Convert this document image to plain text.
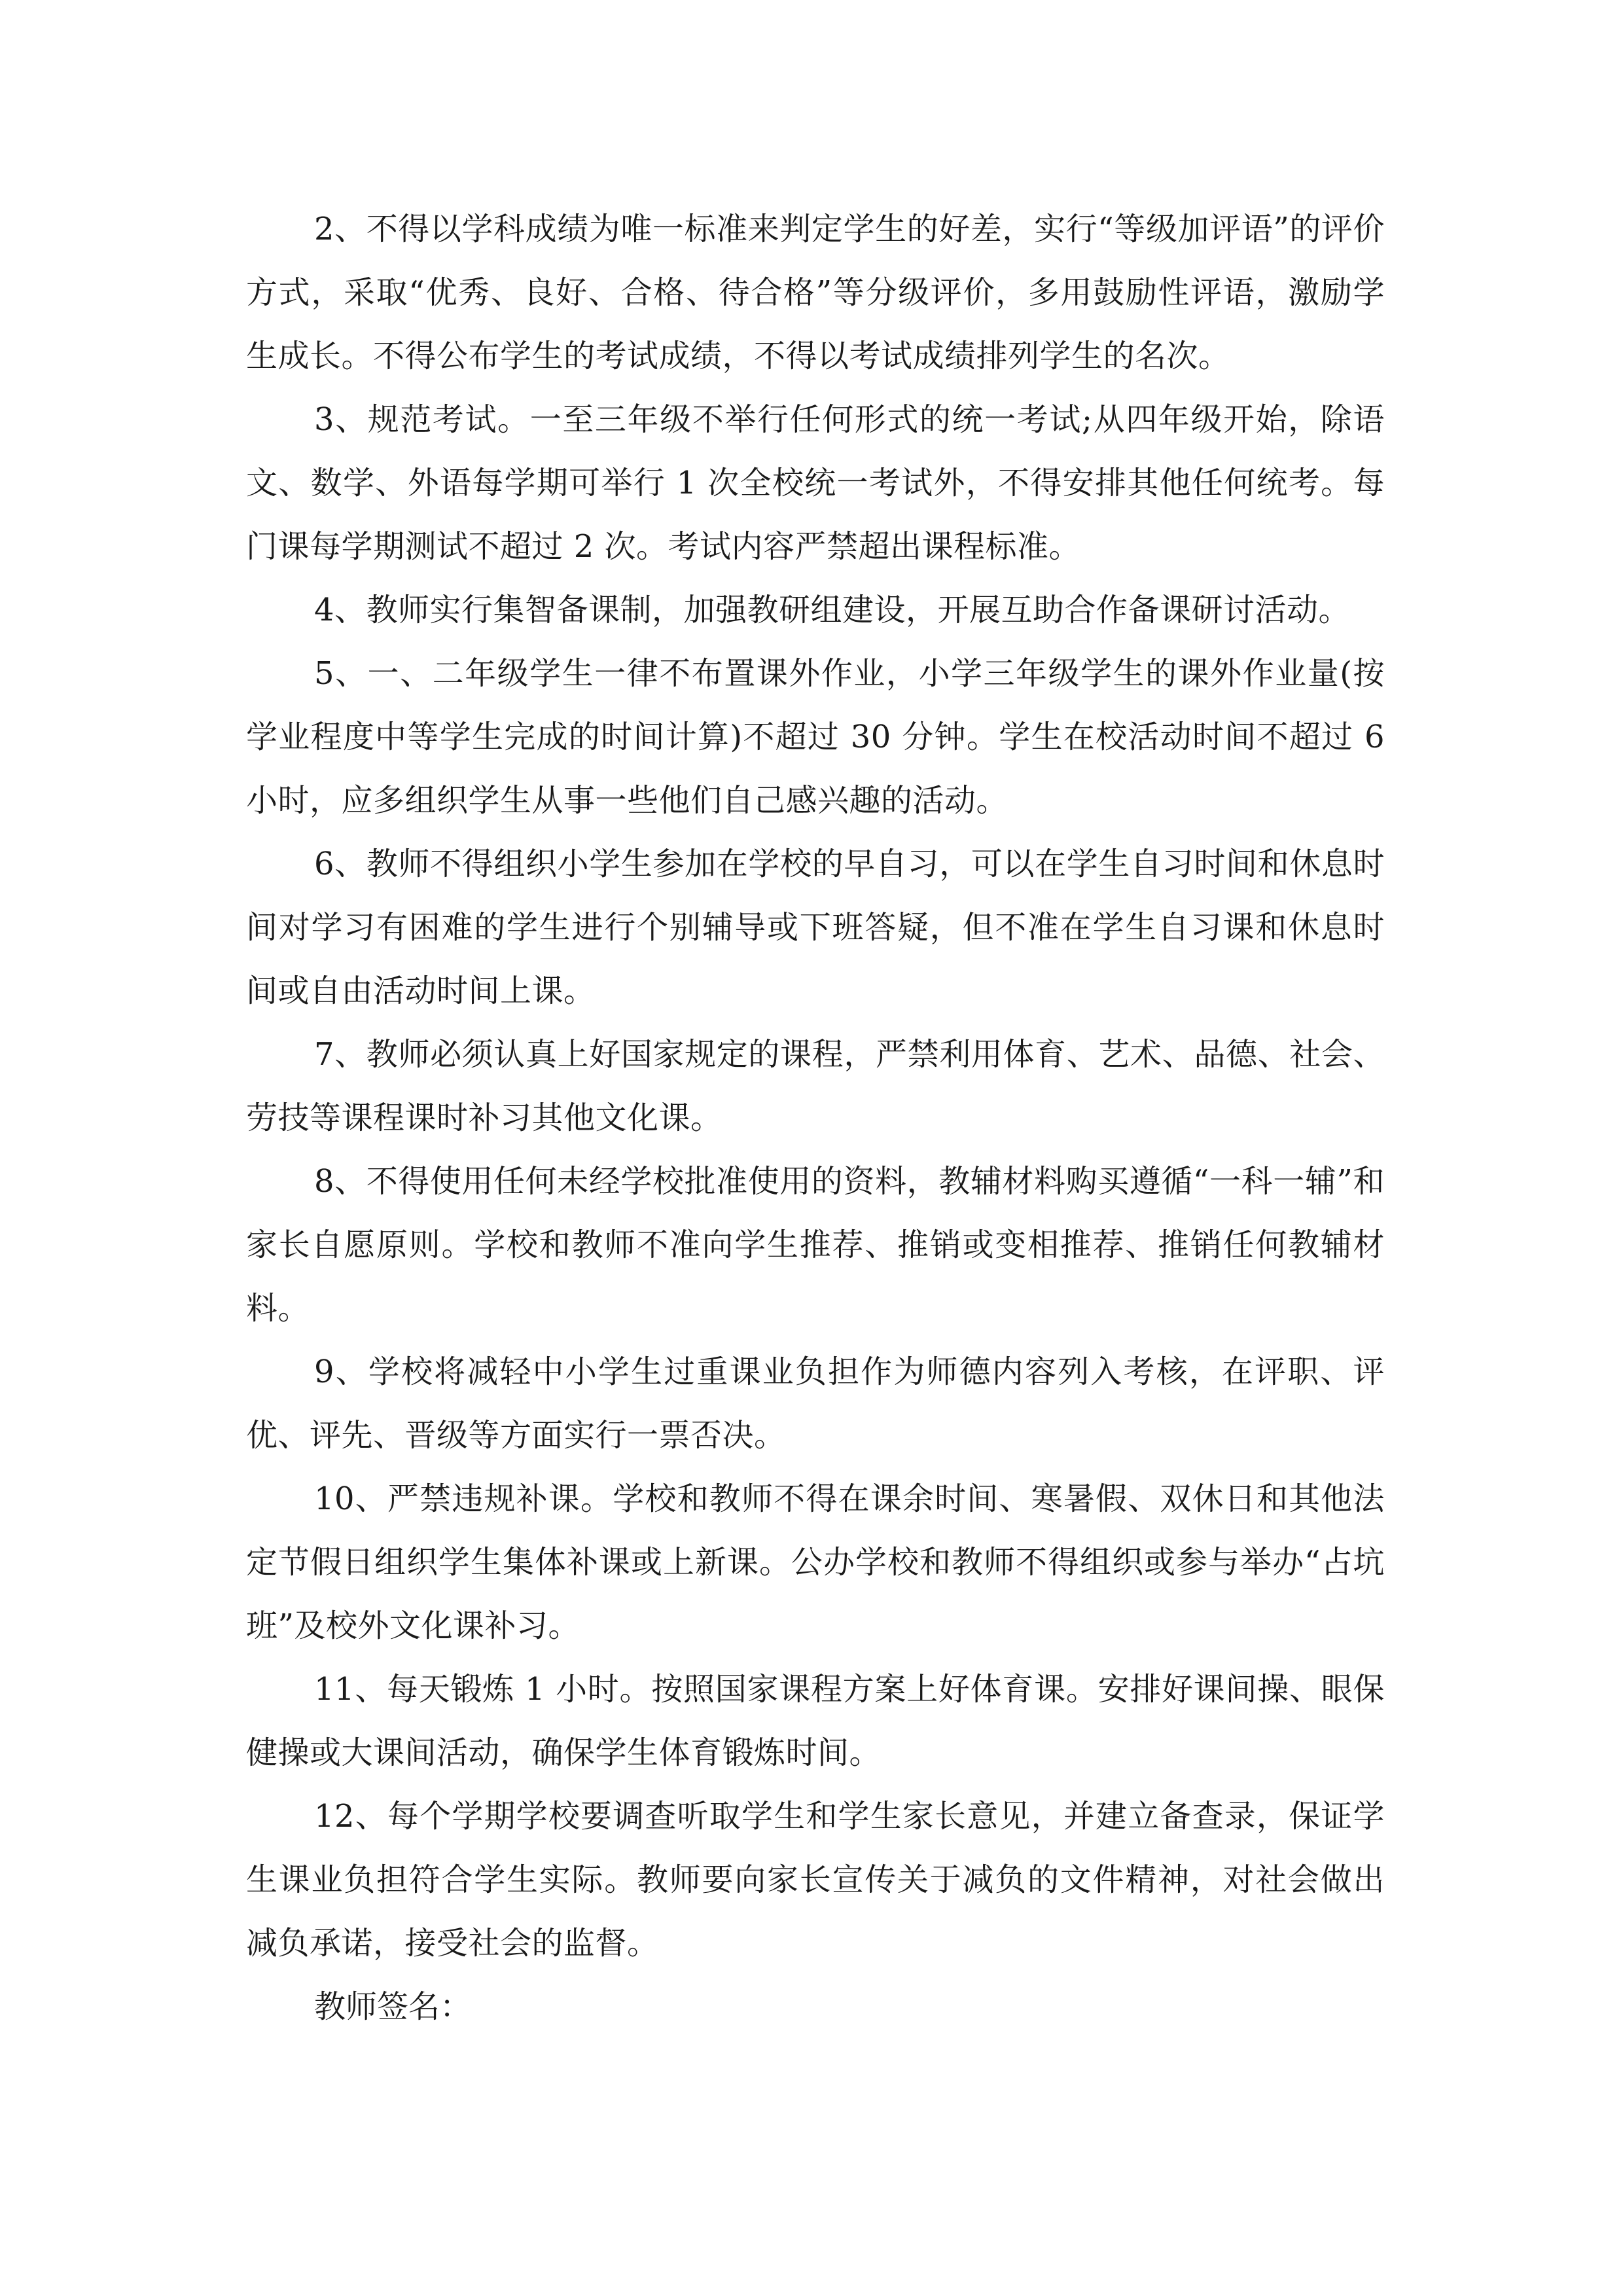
2、不得以学科成绩为唯一标准来判定学生的好差，实行“等级加评语”的评价方式，采取“优秀、良好、合格、待合格”等分级评价，多用鼓励性评语，激励学生成长。不得公布学生的考试成绩，不得以考试成绩排列学生的名次。

3、规范考试。一至三年级不举行任何形式的统一考试;从四年级开始，除语文、数学、外语每学期可举行 1 次全校统一考试外，不得安排其他任何统考。每门课每学期测试不超过 2 次。考试内容严禁超出课程标准。

4、教师实行集智备课制，加强教研组建设，开展互助合作备课研讨活动。

5、一、二年级学生一律不布置课外作业，小学三年级学生的课外作业量(按学业程度中等学生完成的时间计算)不超过 30 分钟。学生在校活动时间不超过 6 小时，应多组织学生从事一些他们自己感兴趣的活动。

6、教师不得组织小学生参加在学校的早自习，可以在学生自习时间和休息时间对学习有困难的学生进行个别辅导或下班答疑，但不准在学生自习课和休息时间或自由活动时间上课。

7、教师必须认真上好国家规定的课程，严禁利用体育、艺术、品德、社会、劳技等课程课时补习其他文化课。

8、不得使用任何未经学校批准使用的资料，教辅材料购买遵循“一科一辅”和家长自愿原则。学校和教师不准向学生推荐、推销或变相推荐、推销任何教辅材料。

9、学校将减轻中小学生过重课业负担作为师德内容列入考核，在评职、评优、评先、晋级等方面实行一票否决。

10、严禁违规补课。学校和教师不得在课余时间、寒暑假、双休日和其他法定节假日组织学生集体补课或上新课。公办学校和教师不得组织或参与举办“占坑班”及校外文化课补习。

11、每天锻炼 1 小时。按照国家课程方案上好体育课。安排好课间操、眼保健操或大课间活动，确保学生体育锻炼时间。

12、每个学期学校要调查听取学生和学生家长意见，并建立备查录，保证学生课业负担符合学生实际。教师要向家长宣传关于减负的文件精神，对社会做出减负承诺，接受社会的监督。

教师签名：
